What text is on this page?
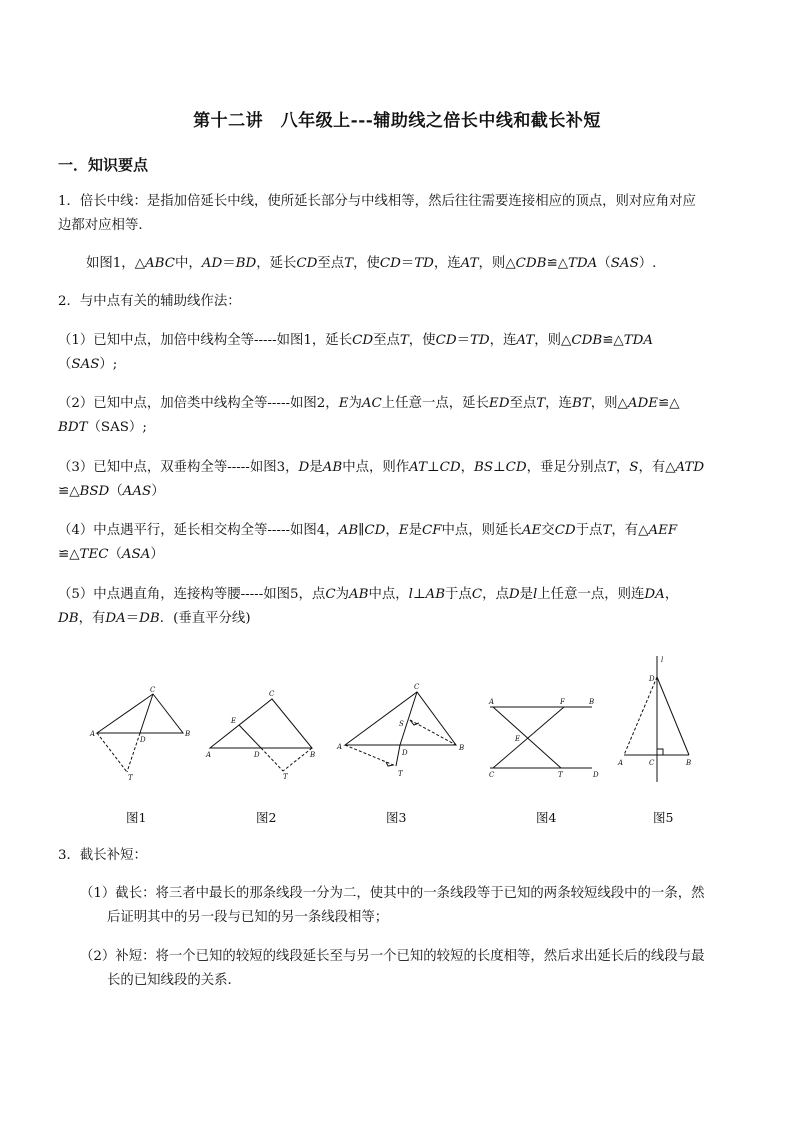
第十二讲　八年级上---辅助线之倍长中线和截长补短
一．知识要点
1．倍长中线：是指加倍延长中线，使所延长部分与中线相等，然后往往需要连接相应的顶点，则对应角对应
边都对应相等．
如图1，△ABC中，AD＝BD，延长CD至点T，使CD＝TD，连AT，则△CDB≌△TDA（SAS）.
2．与中点有关的辅助线作法：
（1）已知中点，加倍中线构全等-----如图1，延长CD至点T，使CD＝TD，连AT，则△CDB≌△TDA
（SAS）;
（2）已知中点，加倍类中线构全等-----如图2，E为AC上任意一点，延长ED至点T，连BT，则△ADE≌△
BDT（SAS）;
（3）已知中点，双垂构全等-----如图3，D是AB中点，则作AT⊥CD，BS⊥CD，垂足分别点T，S，有△ATD
≌△BSD（AAS）
（4）中点遇平行，延长相交构全等-----如图4，AB∥CD，E是CF中点，则延长AE交CD于点T，有△AEF
≌△TEC（ASA）
（5）中点遇直角，连接构等腰-----如图5，点C为AB中点，l⊥AB于点C，点D是l上任意一点，则连DA，
DB，有DA＝DB．(垂直平分线)
C
A	B
D
T
C
E
A	D	B
T
C
S
A
D
B
T
A	F	B
E
C	T	D
l
D
A	C	B
图1	图2	图3	图4	图5
3．截长补短：
（1）截长：将三者中最长的那条线段一分为二，使其中的一条线段等于已知的两条较短线段中的一条，然
后证明其中的另一段与已知的另一条线段相等；
（2）补短：将一个已知的较短的线段延长至与另一个已知的较短的长度相等，然后求出延长后的线段与最
长的已知线段的关系．
